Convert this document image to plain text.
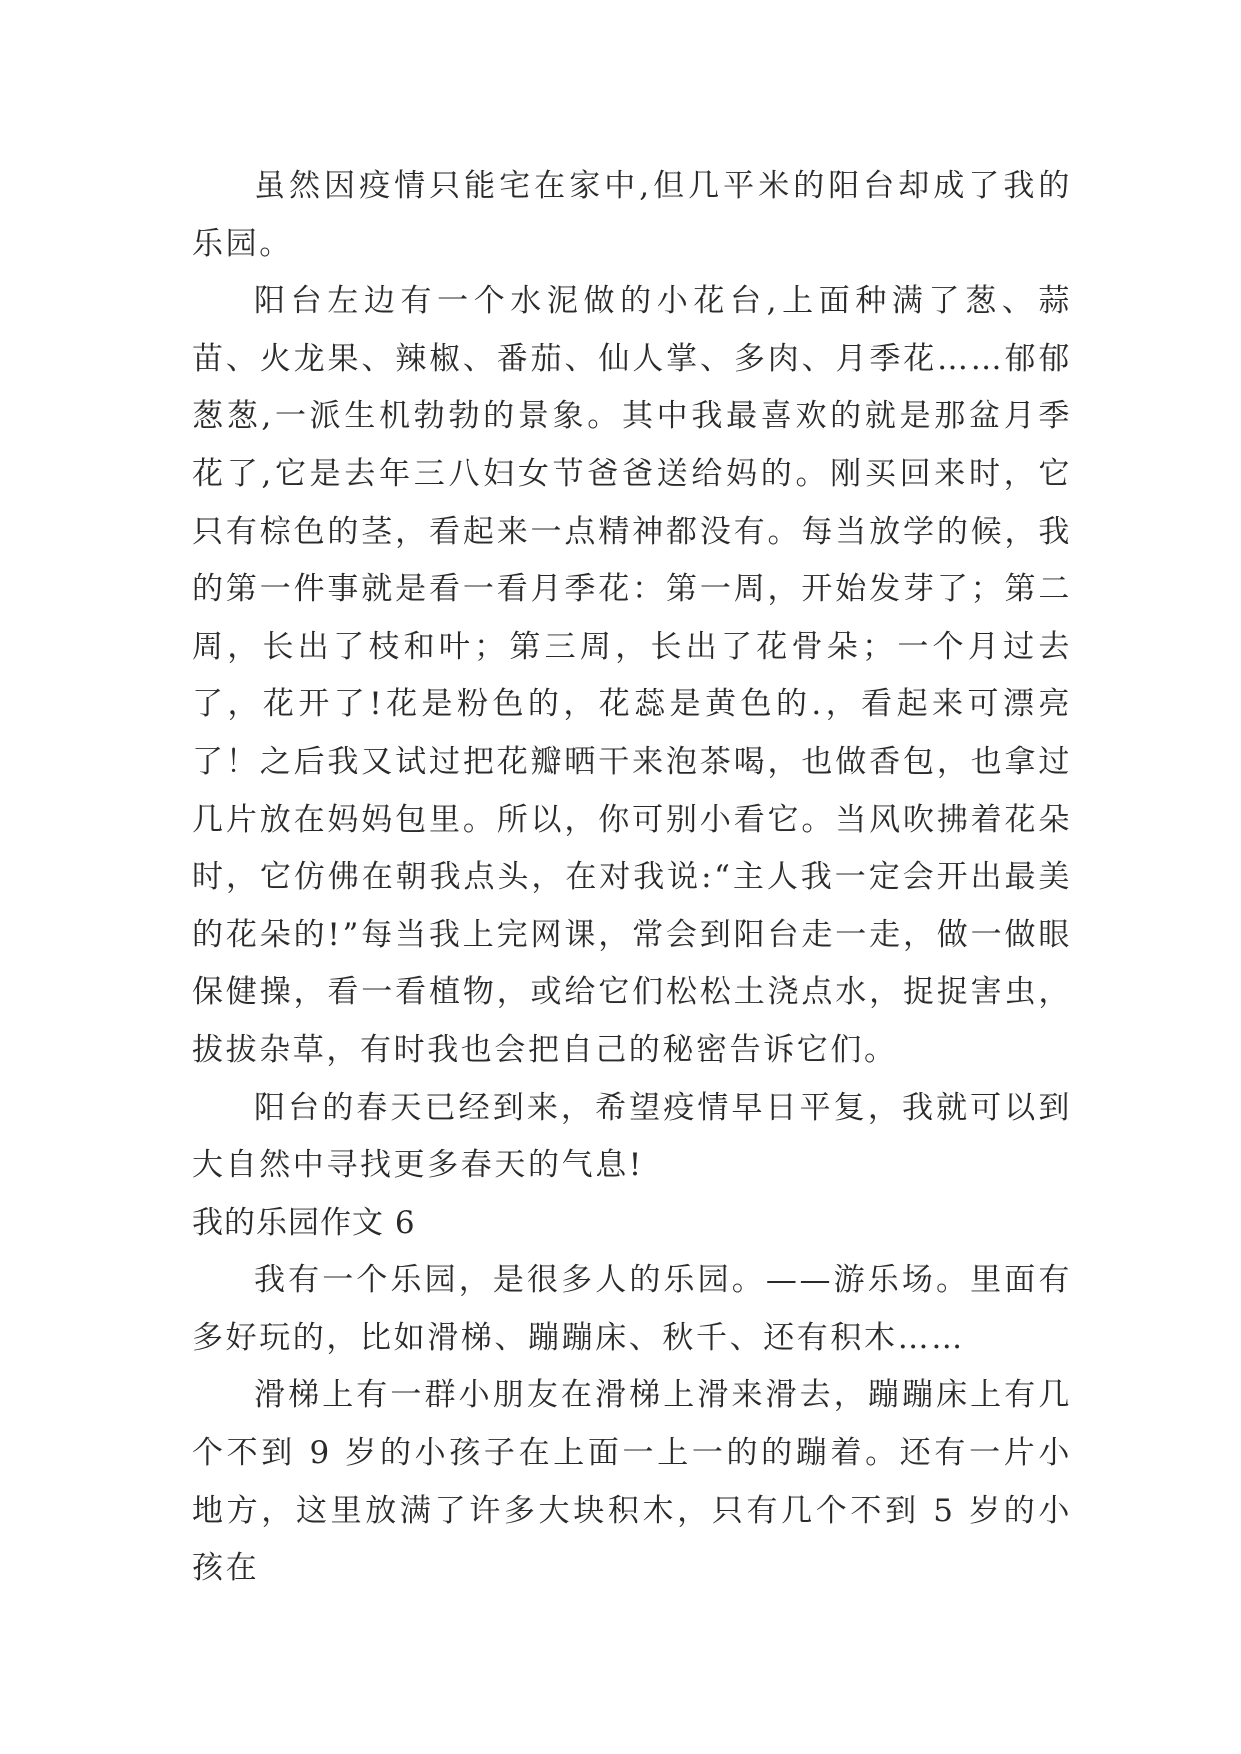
虽然因疫情只能宅在家中,但几平米的阳台却成了我的乐园。

阳台左边有一个水泥做的小花台,上面种满了葱、蒜苗、火龙果、辣椒、番茄、仙人掌、多肉、月季花……郁郁葱葱,一派生机勃勃的景象。其中我最喜欢的就是那盆月季花了,它是去年三八妇女节爸爸送给妈的。刚买回来时，它只有棕色的茎，看起来一点精神都没有。每当放学的候，我的第一件事就是看一看月季花：第一周，开始发芽了；第二周，长出了枝和叶；第三周，长出了花骨朵；一个月过去了，花开了!花是粉色的，花蕊是黄色的.，看起来可漂亮了！之后我又试过把花瓣晒干来泡茶喝，也做香包，也拿过几片放在妈妈包里。所以，你可别小看它。当风吹拂着花朵时，它仿佛在朝我点头，在对我说:“主人我一定会开出最美的花朵的!”每当我上完网课，常会到阳台走一走，做一做眼保健操，看一看植物，或给它们松松土浇点水，捉捉害虫，拔拔杂草，有时我也会把自己的秘密告诉它们。

阳台的春天已经到来，希望疫情早日平复，我就可以到大自然中寻找更多春天的气息!

我的乐园作文 6

我有一个乐园，是很多人的乐园。——游乐场。里面有多好玩的，比如滑梯、蹦蹦床、秋千、还有积木……

滑梯上有一群小朋友在滑梯上滑来滑去，蹦蹦床上有几个不到 9 岁的小孩子在上面一上一的的蹦着。还有一片小地方，这里放满了许多大块积木，只有几个不到 5 岁的小孩在
